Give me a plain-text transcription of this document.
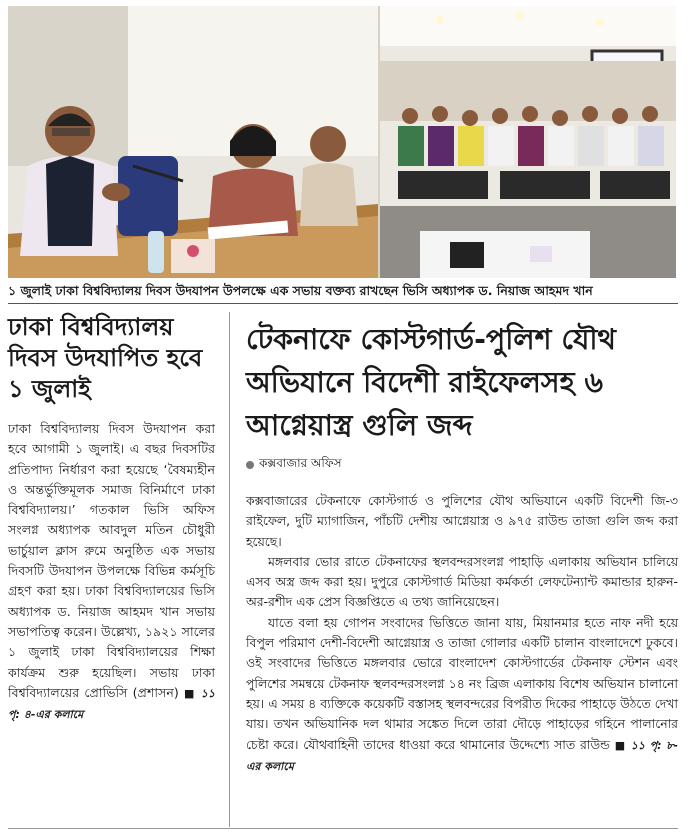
১ জুলাই ঢাকা বিশ্ববিদ্যালয় দিবস উদযাপন উপলক্ষে এক সভায় বক্তব্য রাখছেন ভিসি অধ্যাপক ড. নিয়াজ আহমদ খান
ঢাকা বিশ্ববিদ্যালয় দিবস উদযাপিত হবে ১ জুলাই

ঢাকা বিশ্ববিদ্যালয় দিবস উদযাপন করা হবে আগামী ১ জুলাই। এ বছর দিবসটির প্রতিপাদ্য নির্ধারণ করা হয়েছে ‘বৈষম্যহীন ও অন্তর্ভুক্তিমূলক সমাজ বিনির্মাণে ঢাকা বিশ্ববিদ্যালয়।’ গতকাল ভিসি অফিস সংলগ্ন অধ্যাপক আবদুল মতিন চৌধুরী ভার্চুয়াল ক্লাস রুমে অনুষ্ঠিত এক সভায় দিবসটি উদযাপন উপলক্ষে বিভিন্ন কর্মসূচি গ্রহণ করা হয়। ঢাকা বিশ্ববিদ্যালয়ের ভিসি অধ্যাপক ড. নিয়াজ আহমদ খান সভায় সভাপতিত্ব করেন। উল্লেখ্য, ১৯২১ সালের ১ জুলাই ঢাকা বিশ্ববিদ্যালয়ের শিক্ষা কার্যক্রম শুরু হয়েছিল। সভায় ঢাকা বিশ্ববিদ্যালয়ের প্রোভিসি (প্রশাসন) ■ ১১ পৃ: ৪-এর কলামে

টেকনাফে কোস্টগার্ড-পুলিশ যৌথ অভিযানে বিদেশী রাইফেলসহ ৬ আগ্নেয়াস্ত্র গুলি জব্দ
কক্সবাজার অফিস

কক্সবাজারের টেকনাফে কোস্টগার্ড ও পুলিশের যৌথ অভিযানে একটি বিদেশী জি-৩ রাইফেল, দুটি ম্যাগাজিন, পাঁচটি দেশীয় আগ্নেয়াস্ত্র ও ৯৭৫ রাউন্ড তাজা গুলি জব্দ করা হয়েছে।

মঙ্গলবার ভোর রাতে টেকনাফের স্থলবন্দরসংলগ্ন পাহাড়ি এলাকায় অভিযান চালিয়ে এসব অস্ত্র জব্দ করা হয়। দুপুরে কোস্টগার্ড মিডিয়া কর্মকর্তা লেফটেন্যান্ট কমান্ডার হারুন-অর-রশীদ এক প্রেস বিজ্ঞপ্তিতে এ তথ্য জানিয়েছেন।

যাতে বলা হয় গোপন সংবাদের ভিত্তিতে জানা যায়, মিয়ানমার হতে নাফ নদী হয়ে বিপুল পরিমাণ দেশী-বিদেশী আগ্নেয়াস্ত্র ও তাজা গোলার একটি চালান বাংলাদেশে ঢুকবে। ওই সংবাদের ভিত্তিতে মঙ্গলবার ভোরে বাংলাদেশ কোস্টগার্ডের টেকনাফ স্টেশন এবং পুলিশের সমন্বয়ে টেকনাফ স্থলবন্দরসংলগ্ন ১৪ নং ব্রিজ এলাকায় বিশেষ অভিযান চালানো হয়। এ সময় ৪ ব্যক্তিকে কয়েকটি বস্তাসহ স্থলবন্দরের বিপরীত দিকের পাহাড়ে উঠতে দেখা যায়। তখন অভিযানিক দল থামার সঙ্কেত দিলে তারা দৌড়ে পাহাড়ের গহিনে পালানোর চেষ্টা করে। যৌথবাহিনী তাদের ধাওয়া করে থামানোর উদ্দেশ্যে সাত রাউন্ড ■ ১১ পৃ: ৮-এর কলামে
